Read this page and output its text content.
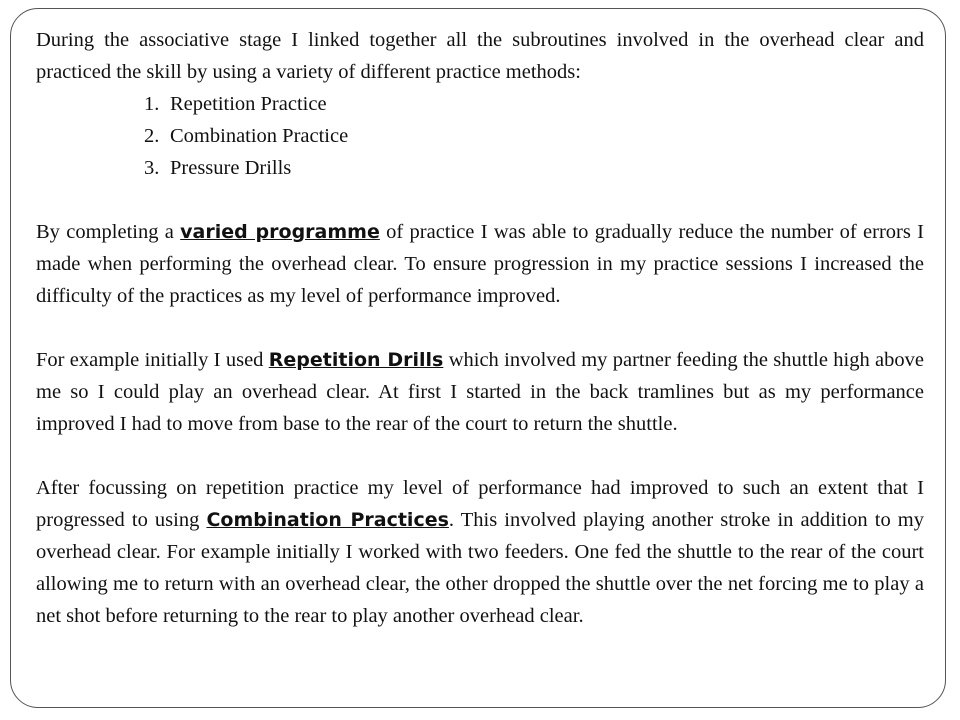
During the associative stage I linked together all the subroutines involved in the overhead clear and practiced the skill by using a variety of different practice methods:

1. Repetition Practice
2. Combination Practice
3. Pressure Drills

By completing a varied programme of practice I was able to gradually reduce the number of errors I made when performing the overhead clear. To ensure progression in my practice sessions I increased the difficulty of the practices as my level of performance improved.

For example initially I used Repetition Drills which involved my partner feeding the shuttle high above me so I could play an overhead clear. At first I started in the back tramlines but as my performance improved I had to move from base to the rear of the court to return the shuttle.

After focussing on repetition practice my level of performance had improved to such an extent that I progressed to using Combination Practices. This involved playing another stroke in addition to my overhead clear. For example initially I worked with two feeders. One fed the shuttle to the rear of the court allowing me to return with an overhead clear, the other dropped the shuttle over the net forcing me to play a net shot before returning to the rear to play another overhead clear.
